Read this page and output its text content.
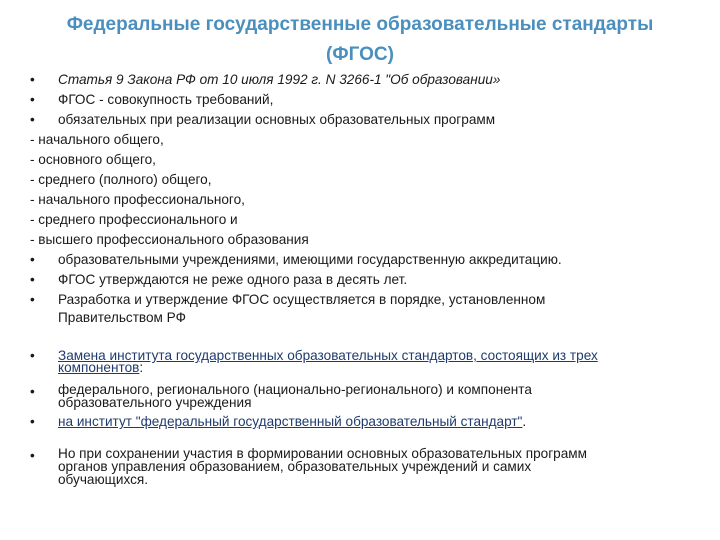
Федеральные государственные образовательные стандарты
(ФГОС)
•	Статья 9 Закона РФ от 10 июля 1992 г. N 3266-1 "Об образовании»
•	ФГОС - совокупность требований,
•	обязательных при реализации основных образовательных программ
- начального общего,
- основного общего,
- среднего (полного) общего,
- начального профессионального,
- среднего профессионального и
- высшего профессионального образования
•	образовательными учреждениями, имеющими государственную аккредитацию.
•	ФГОС утверждаются не реже одного раза в десять лет.
•	Разработка и утверждение ФГОС осуществляется в порядке, установленном
Правительством РФ
•	Замена института государственных образовательных стандартов, состоящих из трех
компонентов:
•	федерального, регионального (национально-регионального) и компонента
образовательного учреждения
•	на институт "федеральный государственный образовательный стандарт".
•	Но при сохранении участия в формировании основных образовательных программ
органов управления образованием, образовательных учреждений и самих
обучающихся.
